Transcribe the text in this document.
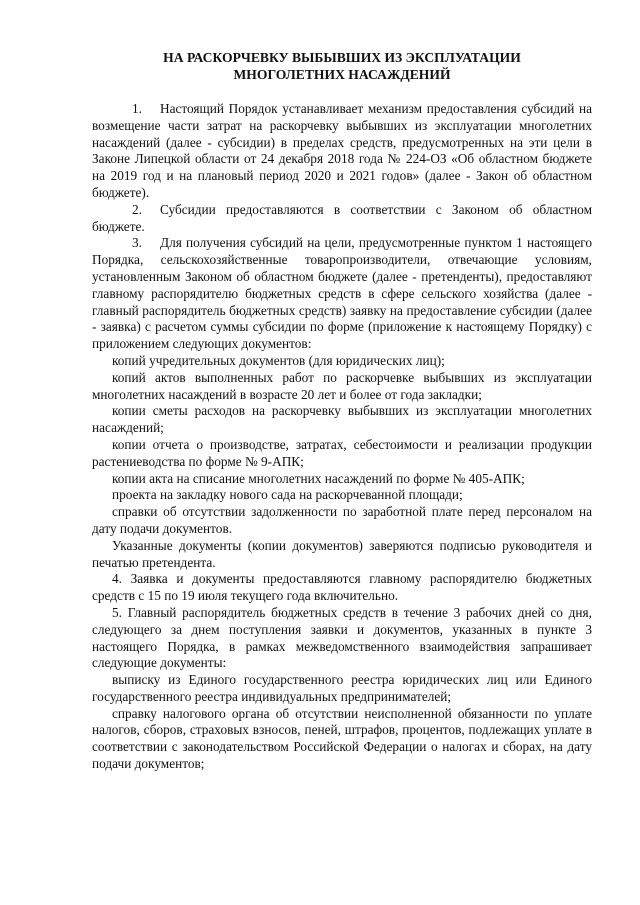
НА РАСКОРЧЕВКУ ВЫБЫВШИХ ИЗ ЭКСПЛУАТАЦИИ
МНОГОЛЕТНИХ НАСАЖДЕНИЙ

1. Настоящий Порядок устанавливает механизм предоставления субсидий на возмещение части затрат на раскорчевку выбывших из эксплуатации многолетних насаждений (далее - субсидии) в пределах средств, предусмотренных на эти цели в Законе Липецкой области от 24 декабря 2018 года № 224-ОЗ «Об областном бюджете на 2019 год и на плановый период 2020 и 2021 годов» (далее - Закон об областном бюджете).

2. Субсидии предоставляются в соответствии с Законом об областном бюджете.

3. Для получения субсидий на цели, предусмотренные пунктом 1 настоящего Порядка, сельскохозяйственные товаропроизводители, отвечающие условиям, установленным Законом об областном бюджете (далее - претенденты), предоставляют главному распорядителю бюджетных средств в сфере сельского хозяйства (далее - главный распорядитель бюджетных средств) заявку на предоставление субсидии (далее - заявка) с расчетом суммы субсидии по форме (приложение к настоящему Порядку) с приложением следующих документов:

копий учредительных документов (для юридических лиц);

копий актов выполненных работ по раскорчевке выбывших из эксплуатации многолетних насаждений в возрасте 20 лет и более от года закладки;

копии сметы расходов на раскорчевку выбывших из эксплуатации многолетних насаждений;

копии отчета о производстве, затратах, себестоимости и реализации продукции растениеводства по форме № 9-АПК;

копии акта на списание многолетних насаждений по форме № 405-АПК;

проекта на закладку нового сада на раскорчеванной площади;

справки об отсутствии задолженности по заработной плате перед персоналом на дату подачи документов.

Указанные документы (копии документов) заверяются подписью руководителя и печатью претендента.

4. Заявка и документы предоставляются главному распорядителю бюджетных средств с 15 по 19 июля текущего года включительно.

5. Главный распорядитель бюджетных средств в течение 3 рабочих дней со дня, следующего за днем поступления заявки и документов, указанных в пункте 3 настоящего Порядка, в рамках межведомственного взаимодействия запрашивает следующие документы:

выписку из Единого государственного реестра юридических лиц или Единого государственного реестра индивидуальных предпринимателей;

справку налогового органа об отсутствии неисполненной обязанности по уплате налогов, сборов, страховых взносов, пеней, штрафов, процентов, подлежащих уплате в соответствии с законодательством Российской Федерации о налогах и сборах, на дату подачи документов;
